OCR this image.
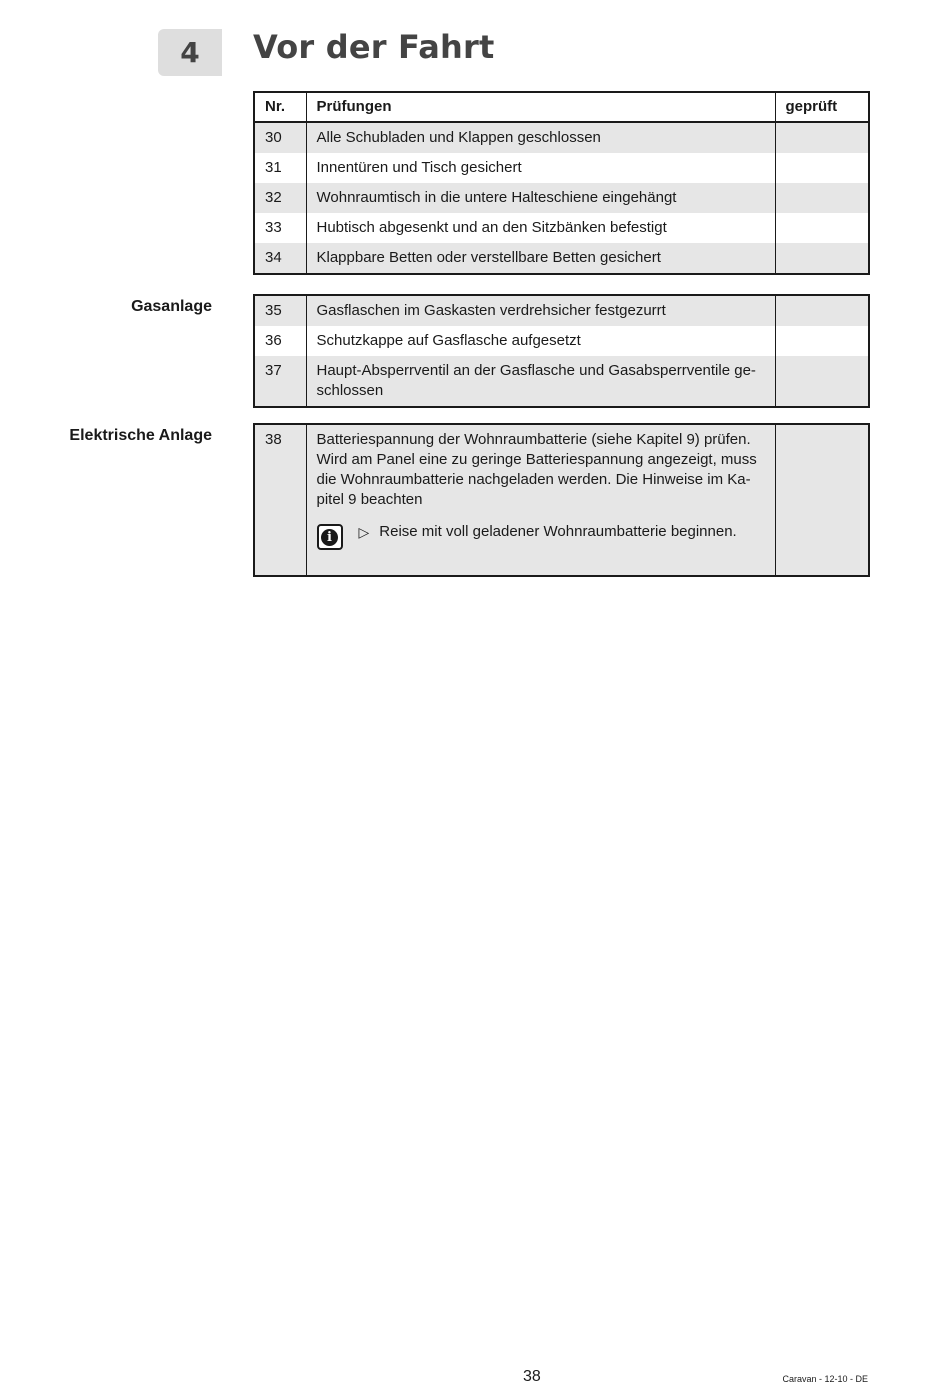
4	Vor der Fahrt
Nr.	Prüfungen	geprüft
30	Alle Schubladen und Klappen geschlossen	
31	Innentüren und Tisch gesichert	
32	Wohnraumtisch in die untere Halteschiene eingehängt	
33	Hubtisch abgesenkt und an den Sitzbänken befestigt	
34	Klappbare Betten oder verstellbare Betten gesichert	
Gasanlage	35	Gasflaschen im Gaskasten verdrehsicher festgezurrt	
36	Schutzkappe auf Gasflasche aufgesetzt	
37	Haupt-Absperrventil an der Gasflasche und Gasabsperrventile ge-schlossen	
Elektrische Anlage	38	Batteriespannung der Wohnraumbatterie (siehe Kapitel 9) prüfen. Wird am Panel eine zu geringe Batteriespannung angezeigt, muss die Wohnraumbatterie nachgeladen werden. Die Hinweise im Ka-pitel 9 beachten
i	▷ Reise mit voll geladener Wohnraumbatterie beginnen.

38	Caravan - 12-10 - DE
